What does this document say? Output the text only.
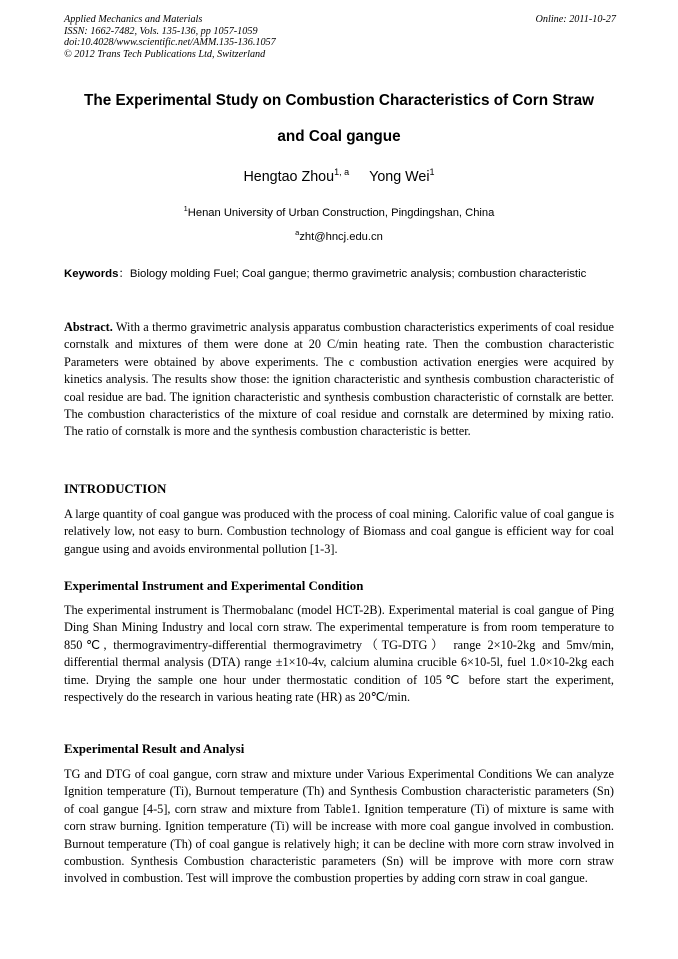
Applied Mechanics and Materials
ISSN: 1662-7482, Vols. 135-136, pp 1057-1059
doi:10.4028/www.scientific.net/AMM.135-136.1057
© 2012 Trans Tech Publications Ltd, Switzerland
Online: 2011-10-27
The Experimental Study on Combustion Characteristics of Corn Straw
and Coal gangue
Hengtao Zhou$^{1, a}$ Yong Wei$^1$
$^1$Henan University of Urban Construction, Pingdingshan, China
$^a$zht@hncj.edu.cn
Keywords：Biology molding Fuel; Coal gangue; thermo gravimetric analysis; combustion characteristic
Abstract. With a thermo gravimetric analysis apparatus combustion characteristics experiments of coal residue cornstalk and mixtures of them were done at 20 C/min heating rate. Then the combustion characteristic Parameters were obtained by above experiments. The c combustion activation energies were acquired by kinetics analysis. The results show those: the ignition characteristic and synthesis combustion characteristic of coal residue are bad. The ignition characteristic and synthesis combustion characteristic of cornstalk are better. The combustion characteristics of the mixture of coal residue and cornstalk are determined by mixing ratio. The ratio of cornstalk is more and the synthesis combustion characteristic is better.
INTRODUCTION
A large quantity of coal gangue was produced with the process of coal mining. Calorific value of coal gangue is relatively low, not easy to burn. Combustion technology of Biomass and coal gangue is efficient way for coal gangue using and avoids environmental pollution [1-3].
Experimental Instrument and Experimental Condition
The experimental instrument is Thermobalanc (model HCT-2B). Experimental material is coal gangue of Ping Ding Shan Mining Industry and local corn straw. The experimental temperature is from room temperature to 850℃, thermogravimentry-differential thermogravimetry（TG-DTG） range 2×10-2kg and 5mv/min, differential thermal analysis (DTA) range ±1×10-4v, calcium alumina crucible 6×10-5l, fuel 1.0×10-2kg each time. Drying the sample one hour under thermostatic condition of 105℃ before start the experiment, respectively do the research in various heating rate (HR) as 20℃/min.
Experimental Result and Analysi
TG and DTG of coal gangue, corn straw and mixture under Various Experimental Conditions We can analyze Ignition temperature (Ti), Burnout temperature (Th) and Synthesis Combustion characteristic parameters (Sn) of coal gangue [4-5], corn straw and mixture from Table1. Ignition temperature (Ti) of mixture is same with corn straw burning. Ignition temperature (Ti) will be increase with more coal gangue involved in combustion. Burnout temperature (Th) of coal gangue is relatively high; it can be decline with more corn straw involved in combustion. Synthesis Combustion characteristic parameters (Sn) will be improve with more corn straw involved in combustion. Test will improve the combustion properties by adding corn straw in coal gangue.
